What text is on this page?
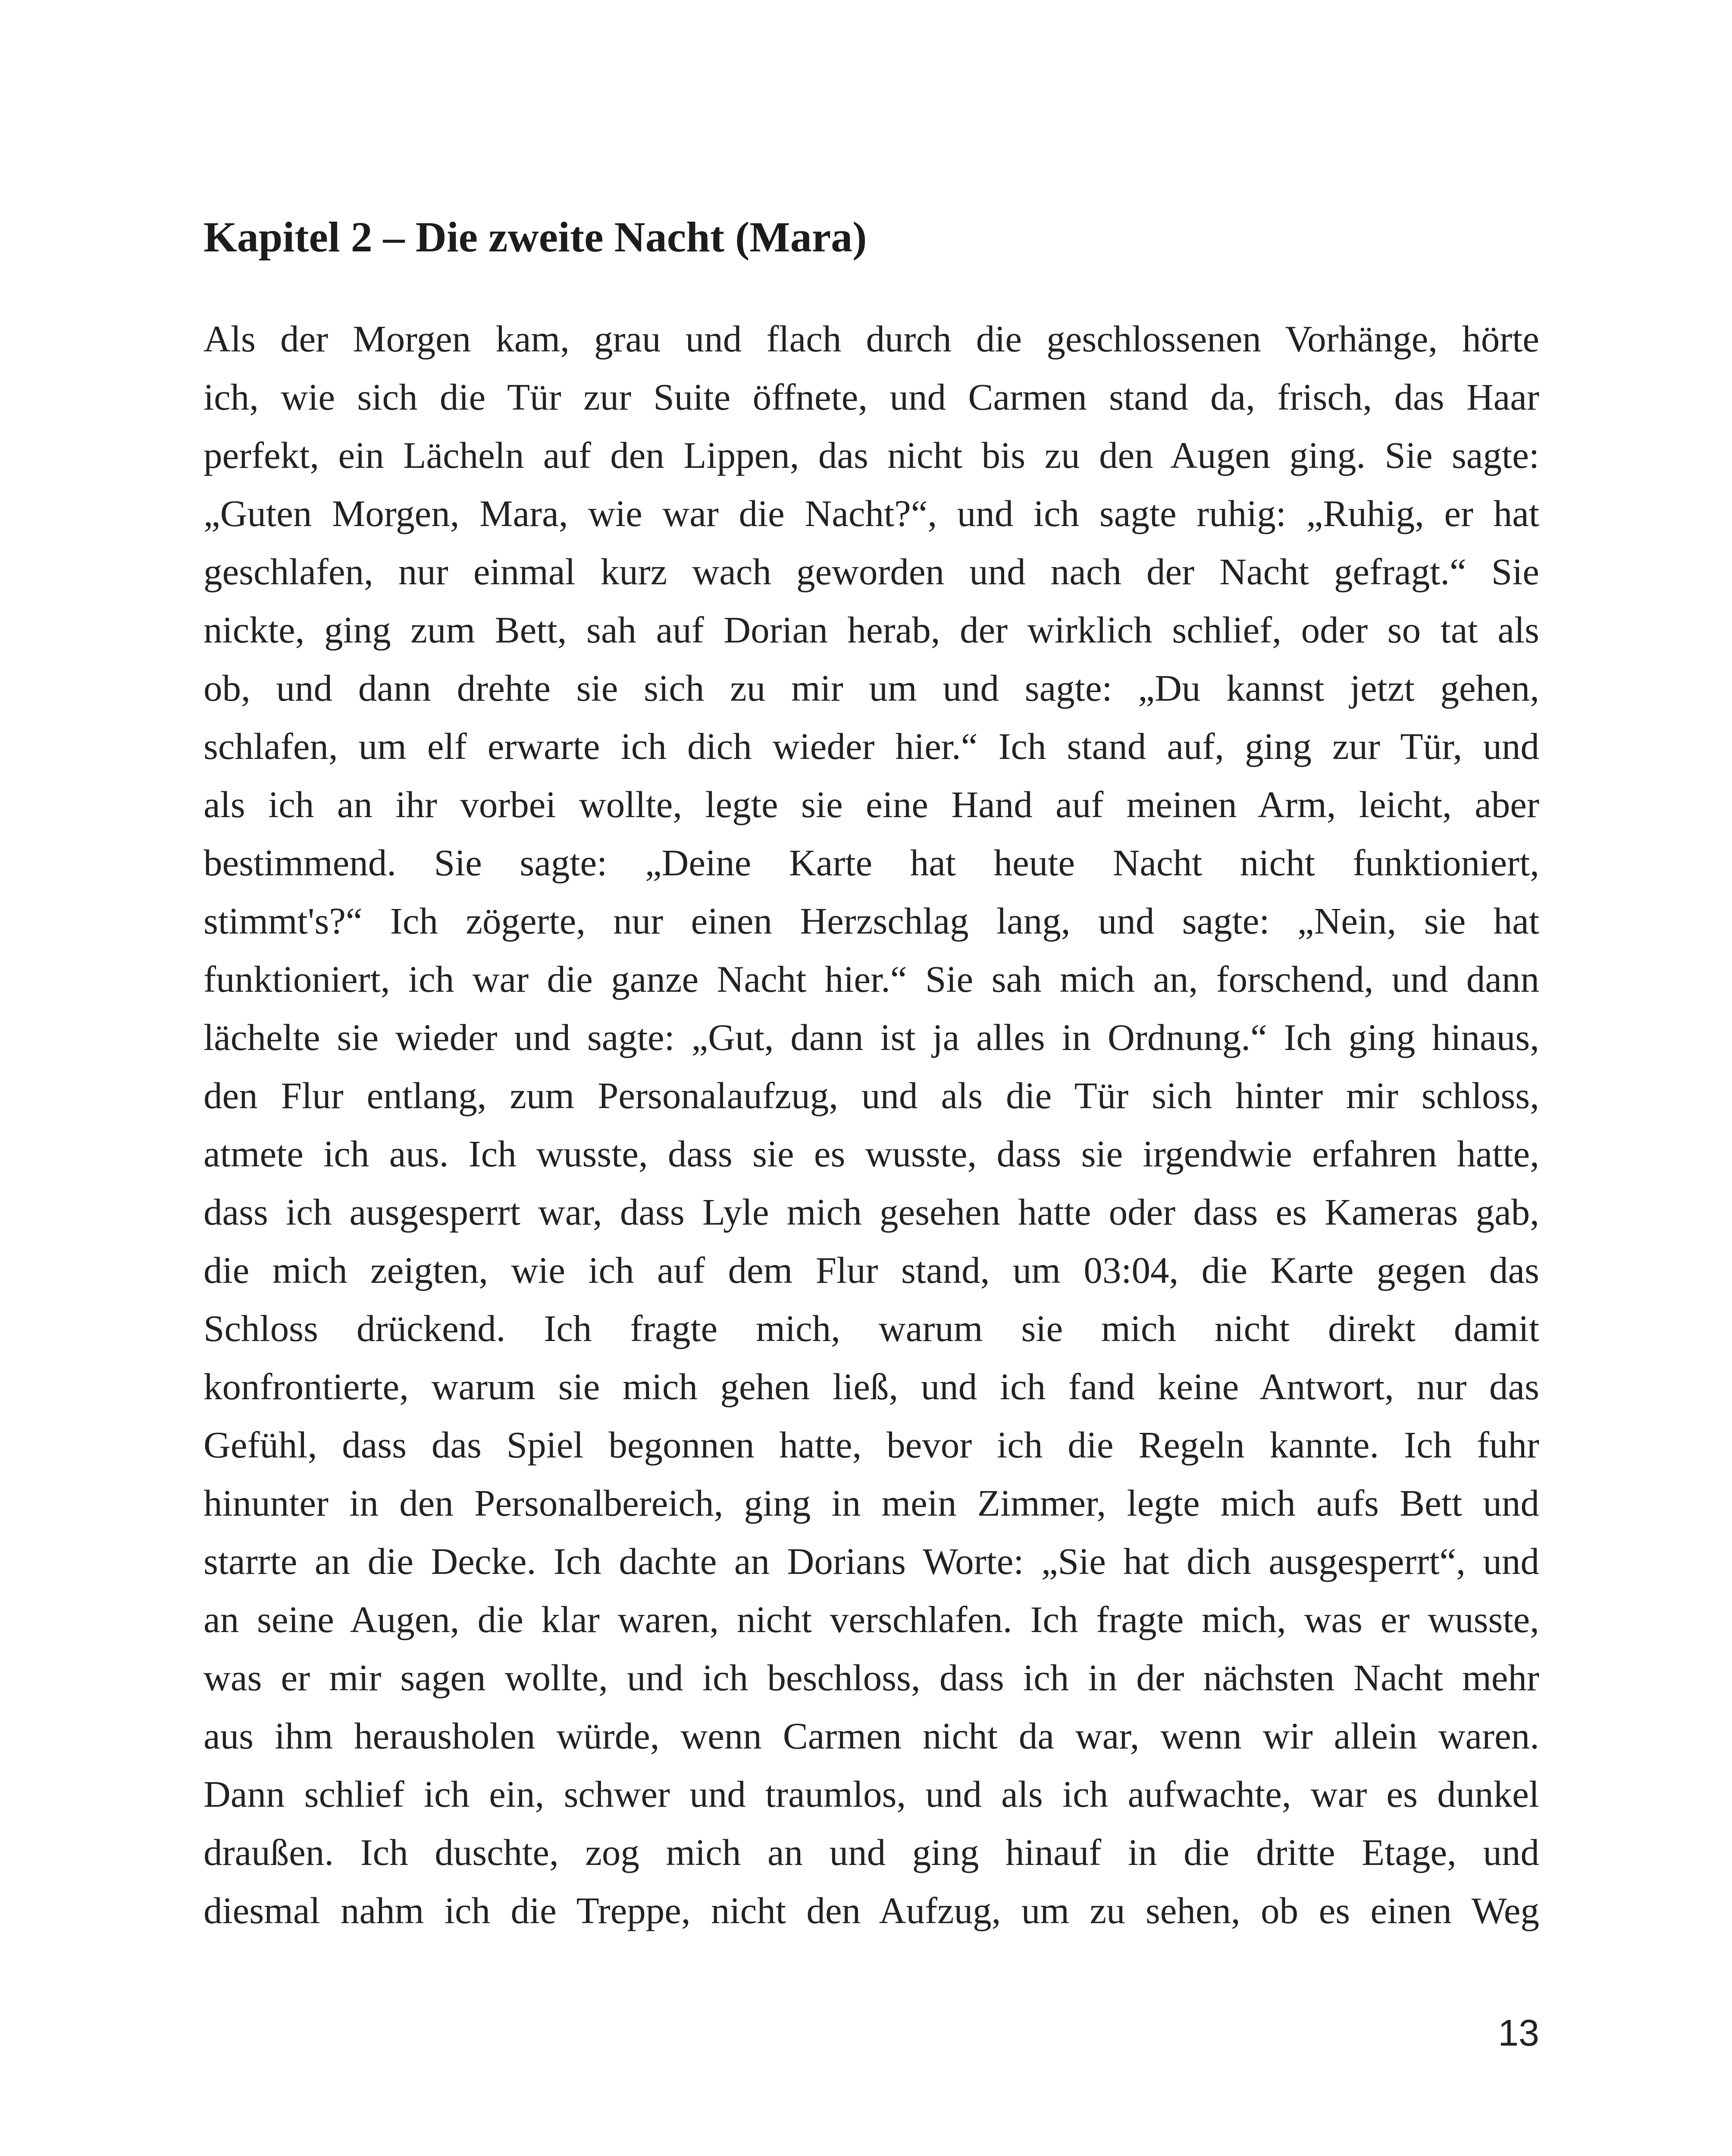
Kapitel 2 – Die zweite Nacht (Mara)
Als der Morgen kam, grau und flach durch die geschlossenen Vorhänge, hörte
ich, wie sich die Tür zur Suite öffnete, und Carmen stand da, frisch, das Haar
perfekt, ein Lächeln auf den Lippen, das nicht bis zu den Augen ging. Sie sagte:
„Guten Morgen, Mara, wie war die Nacht?“, und ich sagte ruhig: „Ruhig, er hat
geschlafen, nur einmal kurz wach geworden und nach der Nacht gefragt.“ Sie
nickte, ging zum Bett, sah auf Dorian herab, der wirklich schlief, oder so tat als
ob, und dann drehte sie sich zu mir um und sagte: „Du kannst jetzt gehen,
schlafen, um elf erwarte ich dich wieder hier.“ Ich stand auf, ging zur Tür, und
als ich an ihr vorbei wollte, legte sie eine Hand auf meinen Arm, leicht, aber
bestimmend. Sie sagte: „Deine Karte hat heute Nacht nicht funktioniert,
stimmt's?“ Ich zögerte, nur einen Herzschlag lang, und sagte: „Nein, sie hat
funktioniert, ich war die ganze Nacht hier.“ Sie sah mich an, forschend, und dann
lächelte sie wieder und sagte: „Gut, dann ist ja alles in Ordnung.“ Ich ging hinaus,
den Flur entlang, zum Personalaufzug, und als die Tür sich hinter mir schloss,
atmete ich aus. Ich wusste, dass sie es wusste, dass sie irgendwie erfahren hatte,
dass ich ausgesperrt war, dass Lyle mich gesehen hatte oder dass es Kameras gab,
die mich zeigten, wie ich auf dem Flur stand, um 03:04, die Karte gegen das
Schloss drückend. Ich fragte mich, warum sie mich nicht direkt damit
konfrontierte, warum sie mich gehen ließ, und ich fand keine Antwort, nur das
Gefühl, dass das Spiel begonnen hatte, bevor ich die Regeln kannte. Ich fuhr
hinunter in den Personalbereich, ging in mein Zimmer, legte mich aufs Bett und
starrte an die Decke. Ich dachte an Dorians Worte: „Sie hat dich ausgesperrt“, und
an seine Augen, die klar waren, nicht verschlafen. Ich fragte mich, was er wusste,
was er mir sagen wollte, und ich beschloss, dass ich in der nächsten Nacht mehr
aus ihm herausholen würde, wenn Carmen nicht da war, wenn wir allein waren.
Dann schlief ich ein, schwer und traumlos, und als ich aufwachte, war es dunkel
draußen. Ich duschte, zog mich an und ging hinauf in die dritte Etage, und
diesmal nahm ich die Treppe, nicht den Aufzug, um zu sehen, ob es einen Weg
13
